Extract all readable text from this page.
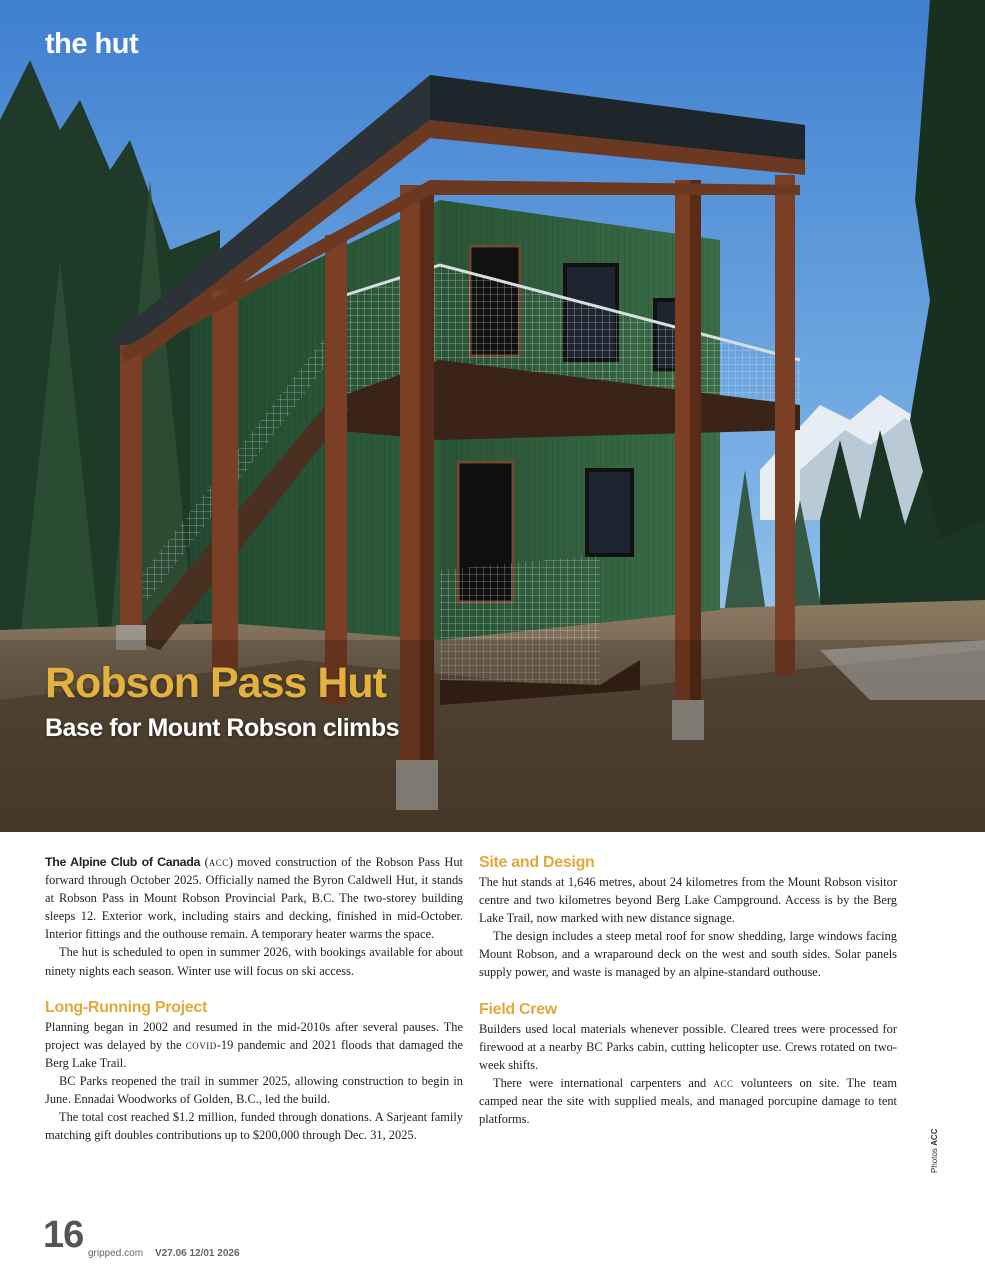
the hut
Robson Pass Hut
Base for Mount Robson climbs

The Alpine Club of Canada (acc) moved construction of the Robson Pass Hut forward through October 2025. Officially named the Byron Caldwell Hut, it stands at Robson Pass in Mount Robson Provincial Park, B.C. The two-storey building sleeps 12. Exterior work, including stairs and decking, finished in mid-October. Interior fittings and the outhouse remain. A temporary heater warms the space.

The hut is scheduled to open in summer 2026, with bookings available for about ninety nights each season. Winter use will focus on ski access.

Long-Running Project

Planning began in 2002 and resumed in the mid-2010s after several pauses. The project was delayed by the covid-19 pandemic and 2021 floods that damaged the Berg Lake Trail.

BC Parks reopened the trail in summer 2025, allowing construction to begin in June. Ennadai Woodworks of Golden, B.C., led the build.

The total cost reached $1.2 million, funded through donations. A Sarjeant family matching gift doubles contributions up to $200,000 through Dec. 31, 2025.

Site and Design

The hut stands at 1,646 metres, about 24 kilometres from the Mount Robson visitor centre and two kilometres beyond Berg Lake Campground. Access is by the Berg Lake Trail, now marked with new distance signage.

The design includes a steep metal roof for snow shedding, large windows facing Mount Robson, and a wraparound deck on the west and south sides. Solar panels supply power, and waste is managed by an alpine-standard outhouse.

Field Crew

Builders used local materials whenever possible. Cleared trees were processed for firewood at a nearby BC Parks cabin, cutting helicopter use. Crews rotated on two-week shifts.

There were international carpenters and acc volunteers on site. The team camped near the site with supplied meals, and managed porcupine damage to tent platforms.

Photos ACC
16 gripped.com V27.06 12/01 2026
